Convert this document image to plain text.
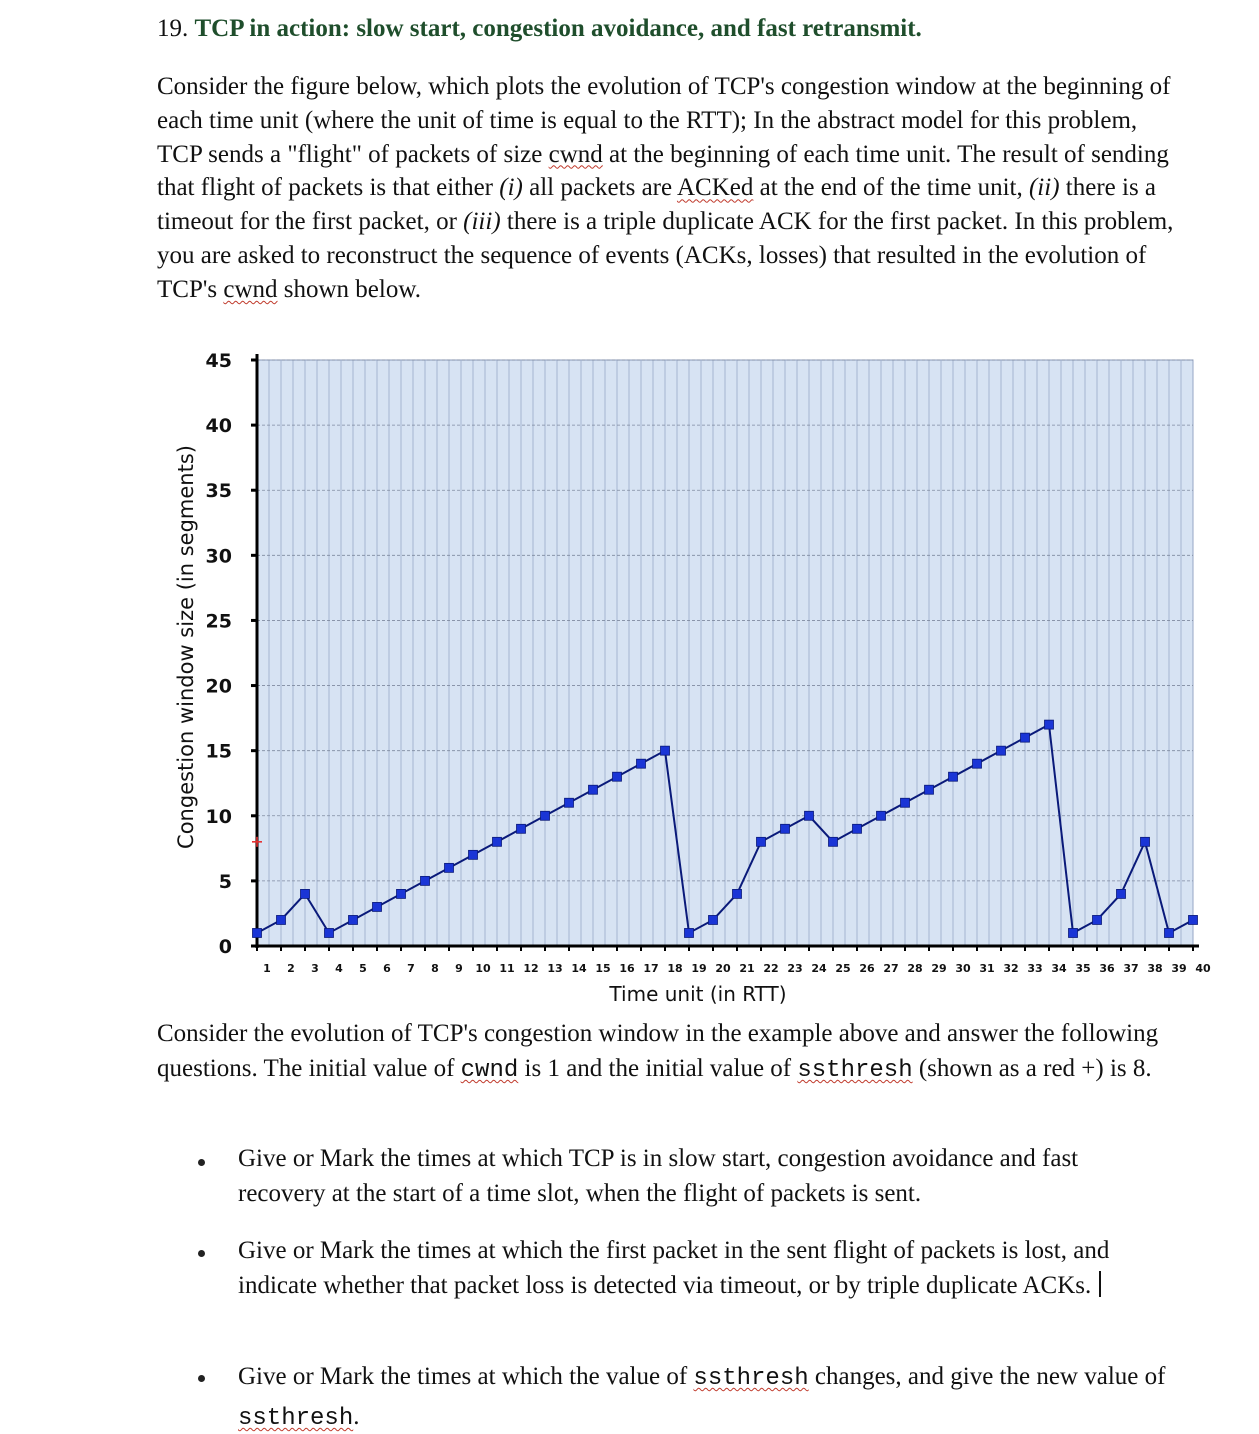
19. TCP in action: slow start, congestion avoidance, and fast retransmit.
Consider the figure below, which plots the evolution of TCP's congestion window at the beginning of each time unit (where the unit of time is equal to the RTT); In the abstract model for this problem, TCP sends a "flight" of packets of size cwnd at the beginning of each time unit. The result of sending that flight of packets is that either (i) all packets are ACKed at the end of the time unit, (ii) there is a timeout for the first packet, or (iii) there is a triple duplicate ACK for the first packet. In this problem, you are asked to reconstruct the sequence of events (ACKs, losses) that resulted in the evolution of TCP's cwnd shown below.
0
5
10
15
20
25
30
35
40
45
1 2 3 4 5 6 7 8 9 10 11 12 13 14 15 16 17 18 19 20 21 22 23 24 25 26 27 28 29 30 31 32 33 34 35 36 37 38 39 40
Time unit (in RTT)
Congestion window size (in segments)
Consider the evolution of TCP's congestion window in the example above and answer the following questions. The initial value of cwnd is 1 and the initial value of ssthresh (shown as a red +) is 8.
Give or Mark the times at which TCP is in slow start, congestion avoidance and fast recovery at the start of a time slot, when the flight of packets is sent.
Give or Mark the times at which the first packet in the sent flight of packets is lost, and indicate whether that packet loss is detected via timeout, or by triple duplicate ACKs.
Give or Mark the times at which the value of ssthresh changes, and give the new value of ssthresh.
